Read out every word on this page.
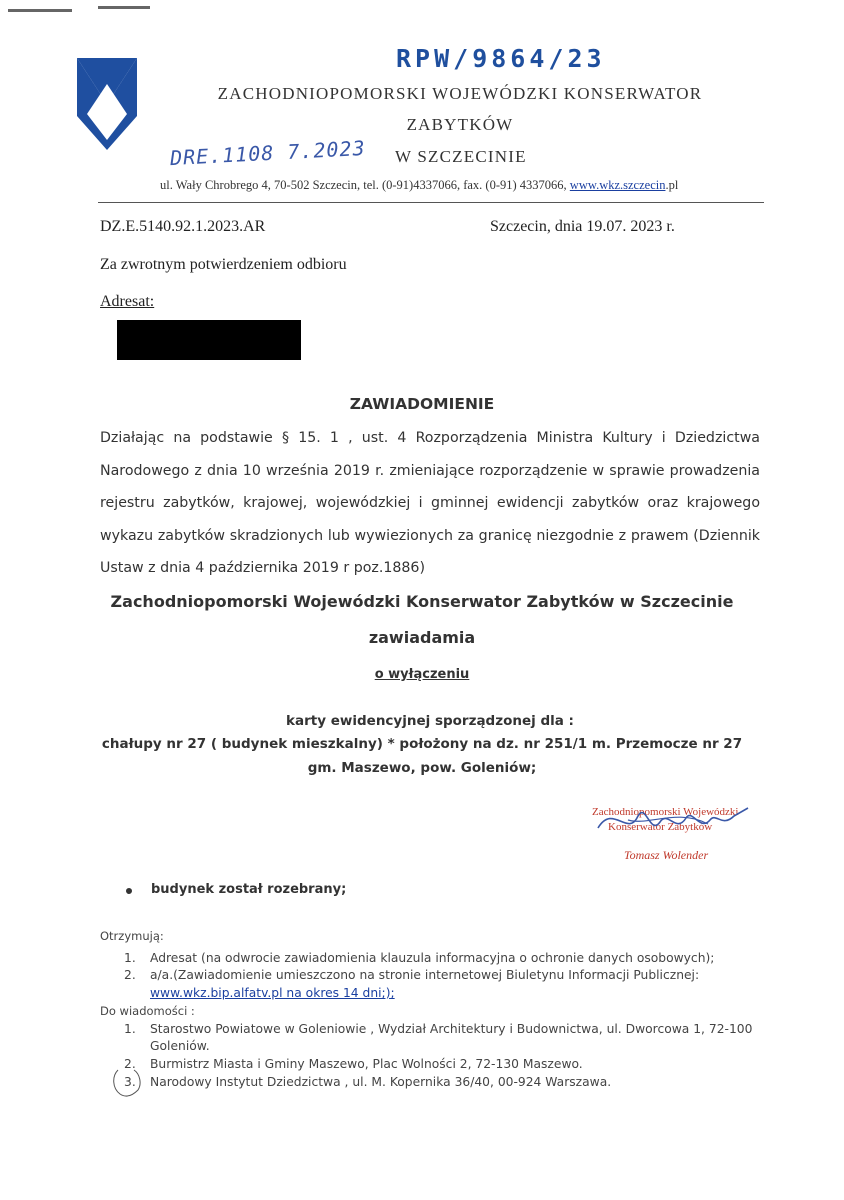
RPW/9864/23
ZACHODNIOPOMORSKI WOJEWÓDZKI KONSERWATOR
ZABYTKÓW
DRE.1108 7.2023 W SZCZECINIE
ul. Wały Chrobrego 4, 70-502 Szczecin, tel. (0-91)4337066, fax. (0-91) 4337066, www.wkz.szczecin.pl
DZ.E.5140.92.1.2023.AR	Szczecin, dnia 19.07. 2023 r.
Za zwrotnym potwierdzeniem odbioru
Adresat:
ZAWIADOMIENIE
Działając na podstawie § 15. 1 , ust. 4 Rozporządzenia Ministra Kultury i Dziedzictwa Narodowego z dnia 10 września 2019 r. zmieniające rozporządzenie w sprawie prowadzenia rejestru zabytków, krajowej, wojewódzkiej i gminnej ewidencji zabytków oraz krajowego wykazu zabytków skradzionych lub wywiezionych za granicę niezgodnie z prawem (Dziennik Ustaw z dnia 4 października 2019 r poz.1886)
Zachodniopomorski Wojewódzki Konserwator Zabytków w Szczecinie
zawiadamia
o wyłączeniu
karty ewidencyjnej sporządzonej dla :
chałupy nr 27 ( budynek mieszkalny) * położony na dz. nr 251/1 m. Przemocze nr 27
gm. Maszewo, pow. Goleniów;
Zachodniopomorski Wojewódzki
Konserwator Zabytków
Tomasz Wolender
budynek został rozebrany;
Otrzymują:
1. Adresat (na odwrocie zawiadomienia klauzula informacyjna o ochronie danych osobowych);
2. a/a.(Zawiadomienie umieszczono na stronie internetowej Biuletynu Informacji Publicznej:
www.wkz.bip.alfatv.pl na okres 14 dni;);
Do wiadomości :
1. Starostwo Powiatowe w Goleniowie , Wydział Architektury i Budownictwa, ul. Dworcowa 1, 72-100
Goleniów.
2. Burmistrz Miasta i Gminy Maszewo, Plac Wolności 2, 72-130 Maszewo.
3. Narodowy Instytut Dziedzictwa , ul. M. Kopernika 36/40, 00-924 Warszawa.
